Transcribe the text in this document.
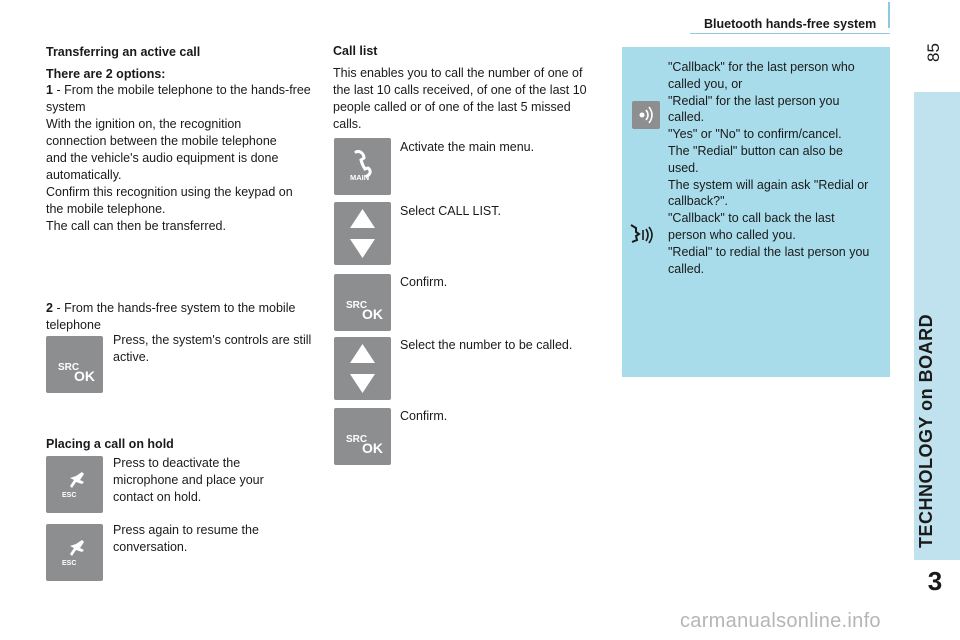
Bluetooth hands-free system
85
TECHNOLOGY on BOARD
3
Transferring an active call
There are 2 options:
1 - From the mobile telephone to the hands-free system
With the ignition on, the recognition
connection between the mobile telephone
and the vehicle's audio equipment is done
automatically.
Confirm this recognition using the keypad on
the mobile telephone.
The call can then be transferred.
2 - From the hands-free system to the mobile telephone
SRC
OK
Press, the system's controls are still active.
Placing a call on hold
ESC
Press to deactivate the microphone and place your contact on hold.
ESC
Press again to resume the conversation.
Call list
This enables you to call the number of one of the last 10 calls received, of one of the last 10 people called or of one of the last 5 missed calls.
MAIN
Activate the main menu.
Select CALL LIST.
SRC
OK
Confirm.
Select the number to be called.
SRC
OK
Confirm.
"Callback" for the last person who
called you, or
"Redial" for the last person you
called.
"Yes" or "No" to confirm/cancel.
The "Redial" button can also be
used.
The system will again ask "Redial or
callback?".
"Callback" to call back the last
person who called you.
"Redial" to redial the last person you
called.
carmanualsonline.info
